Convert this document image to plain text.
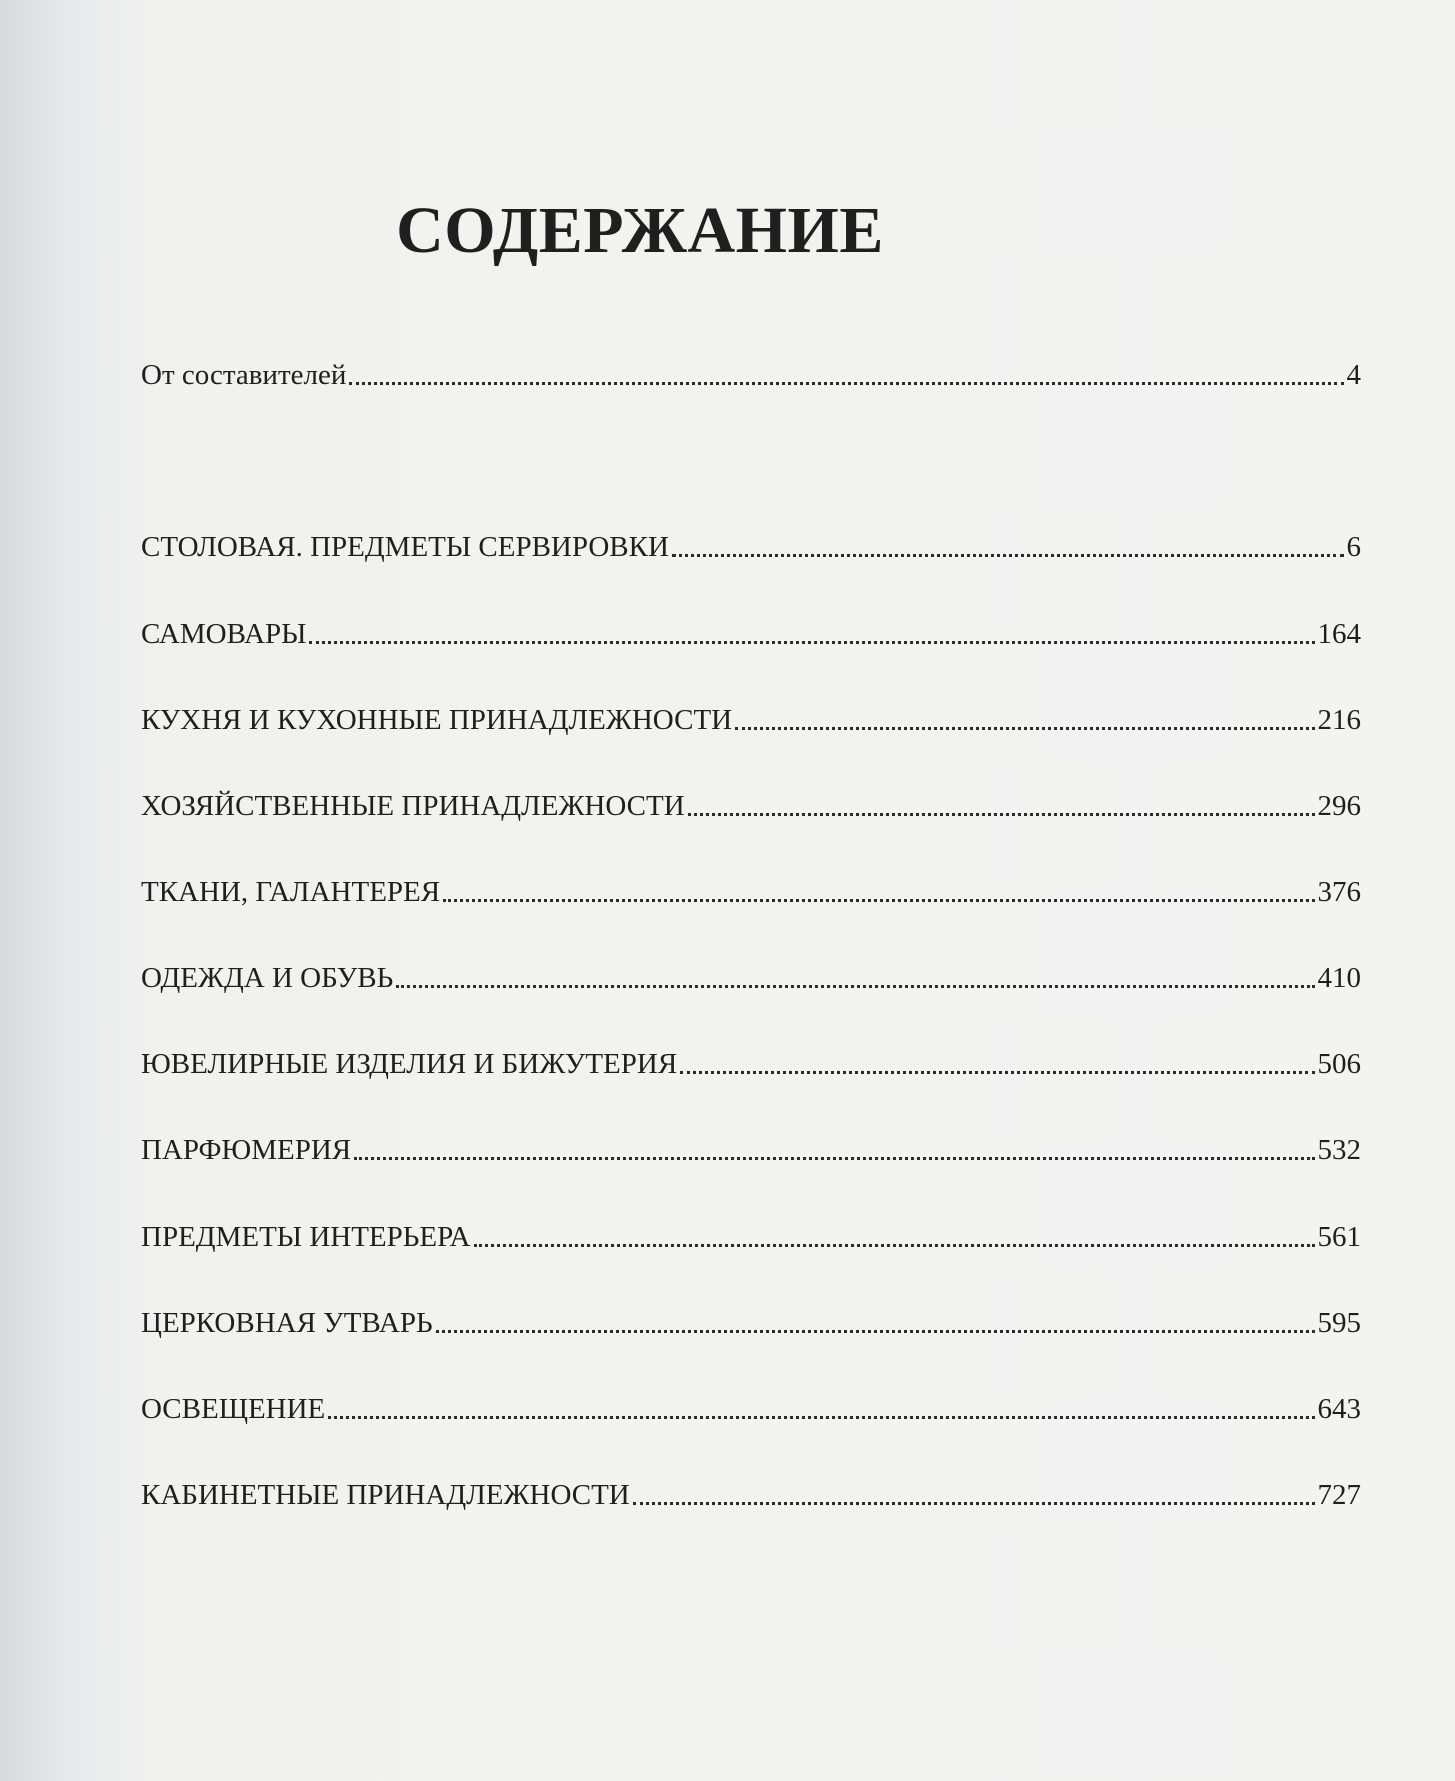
СОДЕРЖАНИЕ
От составителей	4
СТОЛОВАЯ. ПРЕДМЕТЫ СЕРВИРОВКИ	6
САМОВАРЫ	164
КУХНЯ И КУХОННЫЕ ПРИНАДЛЕЖНОСТИ	216
ХОЗЯЙСТВЕННЫЕ ПРИНАДЛЕЖНОСТИ	296
ТКАНИ, ГАЛАНТЕРЕЯ	376
ОДЕЖДА И ОБУВЬ	410
ЮВЕЛИРНЫЕ ИЗДЕЛИЯ И БИЖУТЕРИЯ	506
ПАРФЮМЕРИЯ	532
ПРЕДМЕТЫ ИНТЕРЬЕРА	561
ЦЕРКОВНАЯ УТВАРЬ	595
ОСВЕЩЕНИЕ	643
КАБИНЕТНЫЕ ПРИНАДЛЕЖНОСТИ	727
